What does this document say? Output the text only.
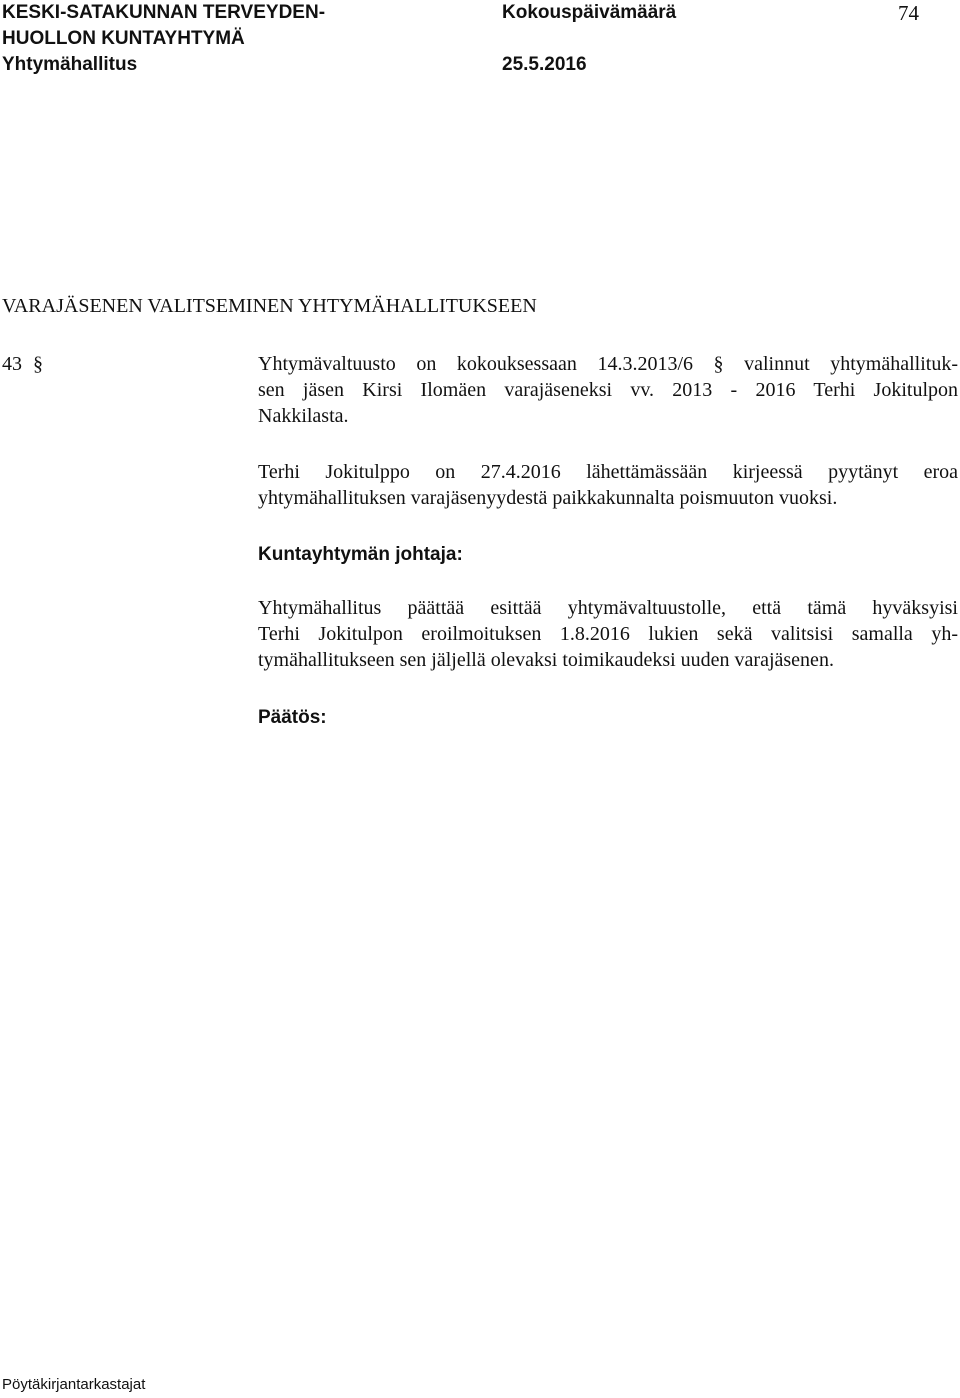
KESKI-SATAKUNNAN TERVEYDEN-
HUOLLON KUNTAYHTYMÄ
Yhtymähallitus
Kokouspäivämäärä
25.5.2016
74
VARAJÄSENEN VALITSEMINEN YHTYMÄHALLITUKSEEN
43 §	Yhtymävaltuusto on kokouksessaan 14.3.2013/6 § valinnut yhtymähallituk-
sen jäsen Kirsi Ilomäen varajäseneksi vv. 2013 - 2016 Terhi Jokitulpon
Nakkilasta.
Terhi Jokitulppo on 27.4.2016 lähettämässään kirjeessä pyytänyt eroa
yhtymähallituksen varajäsenyydestä paikkakunnalta poismuuton vuoksi.
Kuntayhtymän johtaja:
Yhtymähallitus päättää esittää yhtymävaltuustolle, että tämä hyväksyisi
Terhi Jokitulpon eroilmoituksen 1.8.2016 lukien sekä valitsisi samalla yh-
tymähallitukseen sen jäljellä olevaksi toimikaudeksi uuden varajäsenen.
Päätös:
Pöytäkirjantarkastajat
